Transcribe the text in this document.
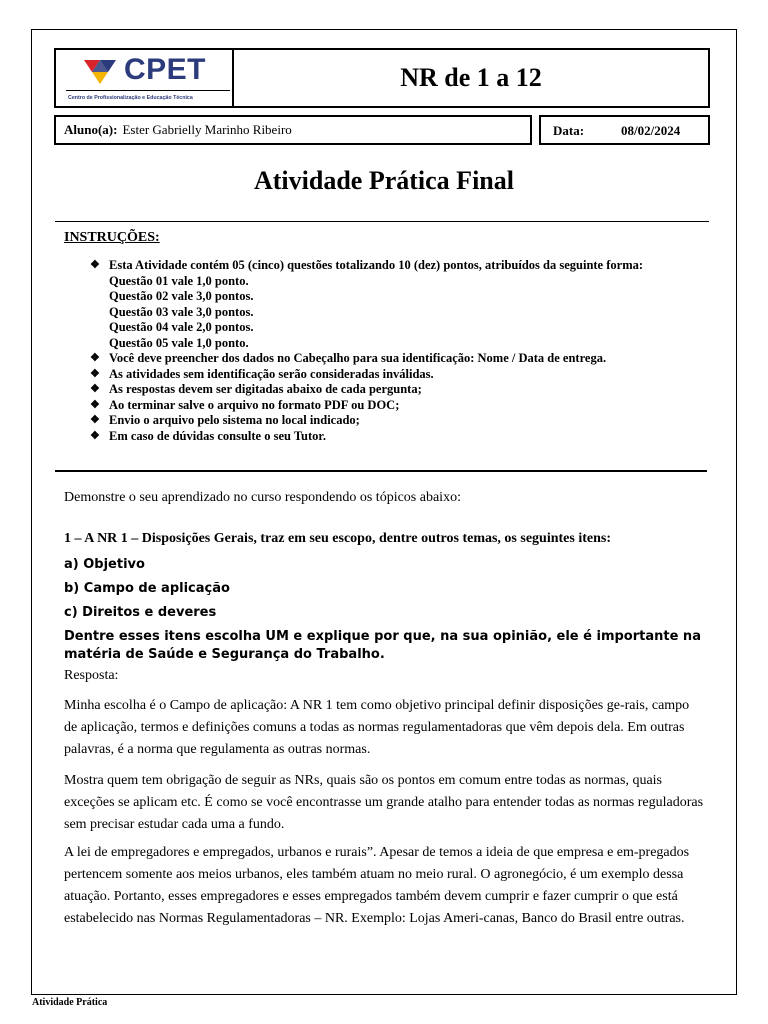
CPET
Centro de Profissionalização e Educação Técnica
NR de 1 a 12
Aluno(a): Ester Gabrielly Marinho Ribeiro	Data:	08/02/2024
Atividade Prática Final
INSTRUÇÕES:
❖ Esta Atividade contém 05 (cinco) questões totalizando 10 (dez) pontos, atribuídos da seguinte forma:
Questão 01 vale 1,0 ponto.
Questão 02 vale 3,0 pontos.
Questão 03 vale 3,0 pontos.
Questão 04 vale 2,0 pontos.
Questão 05 vale 1,0 ponto.
❖ Você deve preencher dos dados no Cabeçalho para sua identificação: Nome / Data de entrega.
❖ As atividades sem identificação serão consideradas inválidas.
❖ As respostas devem ser digitadas abaixo de cada pergunta;
❖ Ao terminar salve o arquivo no formato PDF ou DOC;
❖ Envio o arquivo pelo sistema no local indicado;
❖ Em caso de dúvidas consulte o seu Tutor.
Demonstre o seu aprendizado no curso respondendo os tópicos abaixo:
1 – A NR 1 – Disposições Gerais, traz em seu escopo, dentre outros temas, os seguintes itens:
a) Objetivo
b) Campo de aplicação
c) Direitos e deveres
Dentre esses itens escolha UM e explique por que, na sua opinião, ele é importante na matéria de Saúde e Segurança do Trabalho.
Resposta:

Minha escolha é o Campo de aplicação: A NR 1 tem como objetivo principal definir disposições ge-rais, campo de aplicação, termos e definições comuns a todas as normas regulamentadoras que vêm depois dela. Em outras palavras, é a norma que regulamenta as outras normas.

Mostra quem tem obrigação de seguir as NRs, quais são os pontos em comum entre todas as normas, quais exceções se aplicam etc. É como se você encontrasse um grande atalho para entender todas as normas reguladoras sem precisar estudar cada uma a fundo.

A lei de empregadores e empregados, urbanos e rurais”. Apesar de temos a ideia de que empresa e em-pregados pertencem somente aos meios urbanos, eles também atuam no meio rural. O agronegócio, é um exemplo dessa atuação. Portanto, esses empregadores e esses empregados também devem cumprir e fazer cumprir o que está estabelecido nas Normas Regulamentadoras – NR. Exemplo: Lojas Ameri-canas, Banco do Brasil entre outras.

Atividade Prática
